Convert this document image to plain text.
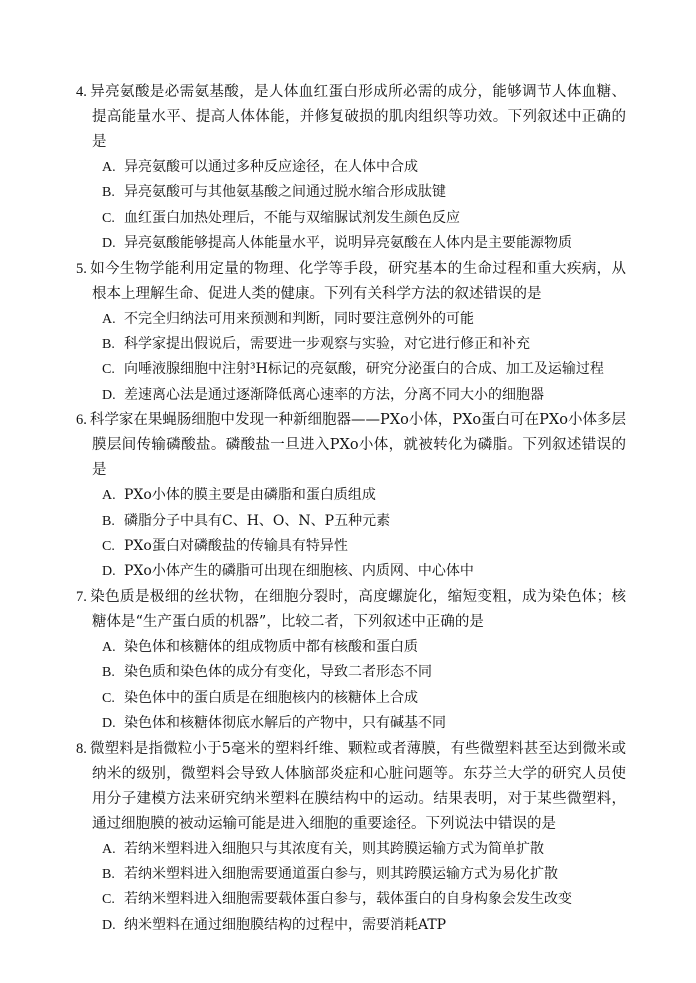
4. 异亮氨酸是必需氨基酸，是人体血红蛋白形成所必需的成分，能够调节人体血糖、提高能量水平、提高人体体能，并修复破损的肌肉组织等功效。下列叙述中正确的是

A. 异亮氨酸可以通过多种反应途径，在人体中合成
B. 异亮氨酸可与其他氨基酸之间通过脱水缩合形成肽键
C. 血红蛋白加热处理后，不能与双缩脲试剂发生颜色反应
D. 异亮氨酸能够提高人体能量水平，说明异亮氨酸在人体内是主要能源物质

5. 如今生物学能利用定量的物理、化学等手段，研究基本的生命过程和重大疾病，从根本上理解生命、促进人类的健康。下列有关科学方法的叙述错误的是

A. 不完全归纳法可用来预测和判断，同时要注意例外的可能
B. 科学家提出假说后，需要进一步观察与实验，对它进行修正和补充
C. 向唾液腺细胞中注射³H标记的亮氨酸，研究分泌蛋白的合成、加工及运输过程
D. 差速离心法是通过逐渐降低离心速率的方法，分离不同大小的细胞器

6. 科学家在果蝇肠细胞中发现一种新细胞器——PXo小体，PXo蛋白可在PXo小体多层膜层间传输磷酸盐。磷酸盐一旦进入PXo小体，就被转化为磷脂。下列叙述错误的是

A. PXo小体的膜主要是由磷脂和蛋白质组成
B. 磷脂分子中具有C、H、O、N、P五种元素
C. PXo蛋白对磷酸盐的传输具有特异性
D. PXo小体产生的磷脂可出现在细胞核、内质网、中心体中

7. 染色质是极细的丝状物，在细胞分裂时，高度螺旋化，缩短变粗，成为染色体；核糖体是“生产蛋白质的机器”，比较二者，下列叙述中正确的是

A. 染色体和核糖体的组成物质中都有核酸和蛋白质
B. 染色质和染色体的成分有变化，导致二者形态不同
C. 染色体中的蛋白质是在细胞核内的核糖体上合成
D. 染色体和核糖体彻底水解后的产物中，只有碱基不同

8. 微塑料是指微粒小于5毫米的塑料纤维、颗粒或者薄膜，有些微塑料甚至达到微米或纳米的级别，微塑料会导致人体脑部炎症和心脏问题等。东芬兰大学的研究人员使用分子建模方法来研究纳米塑料在膜结构中的运动。结果表明，对于某些微塑料，通过细胞膜的被动运输可能是进入细胞的重要途径。下列说法中错误的是

A. 若纳米塑料进入细胞只与其浓度有关，则其跨膜运输方式为简单扩散
B. 若纳米塑料进入细胞需要通道蛋白参与，则其跨膜运输方式为易化扩散
C. 若纳米塑料进入细胞需要载体蛋白参与，载体蛋白的自身构象会发生改变
D. 纳米塑料在通过细胞膜结构的过程中，需要消耗ATP
